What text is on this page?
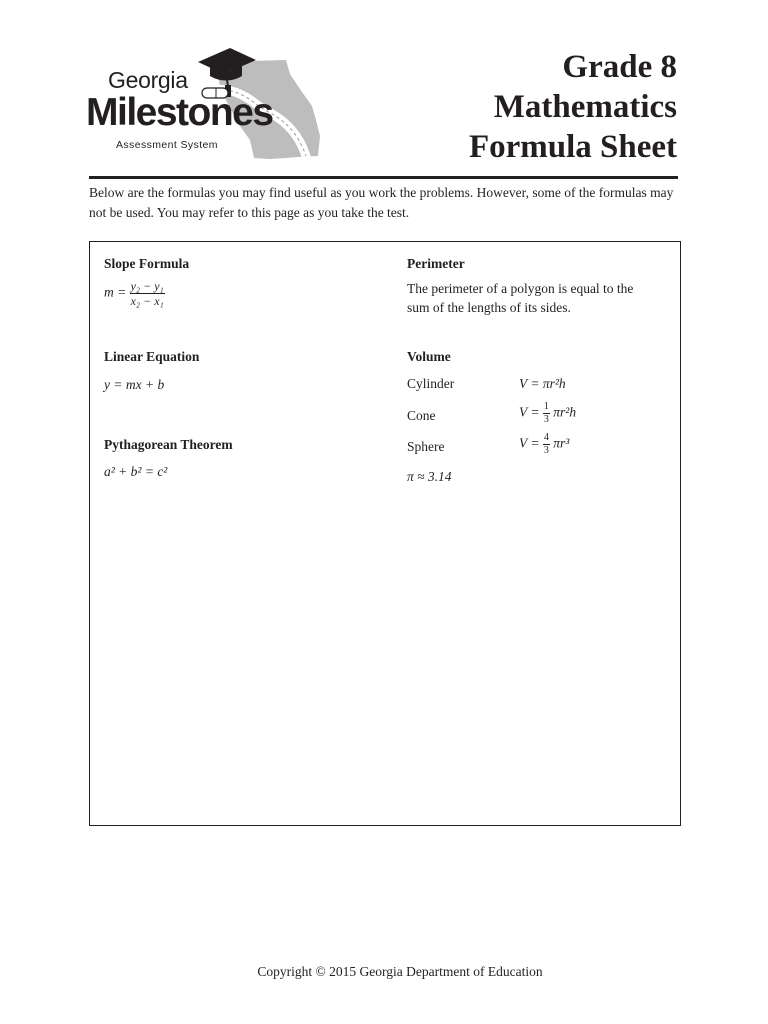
Georgia
Milestones
Assessment System
Grade 8
Mathematics
Formula Sheet
Below are the formulas you may find useful as you work the problems. However, some of the formulas may not be used. You may refer to this page as you take the test.
Slope Formula
$m = \frac{\text{y₂ − y₁}}{\text{x₂ − x₁}}$
Linear Equation
y = mx + b
Pythagorean Theorem
a² + b² = c²
Perimeter
The perimeter of a polygon is equal to the
sum of the lengths of its sides.
Volume
Cylinder	V = πr²h
Cone	$V = \frac{1}{3} \pi r^2h$
Sphere	$V = \frac{4}{3} \pi r^3$
π ≈ 3.14
Copyright © 2015 Georgia Department of Education
